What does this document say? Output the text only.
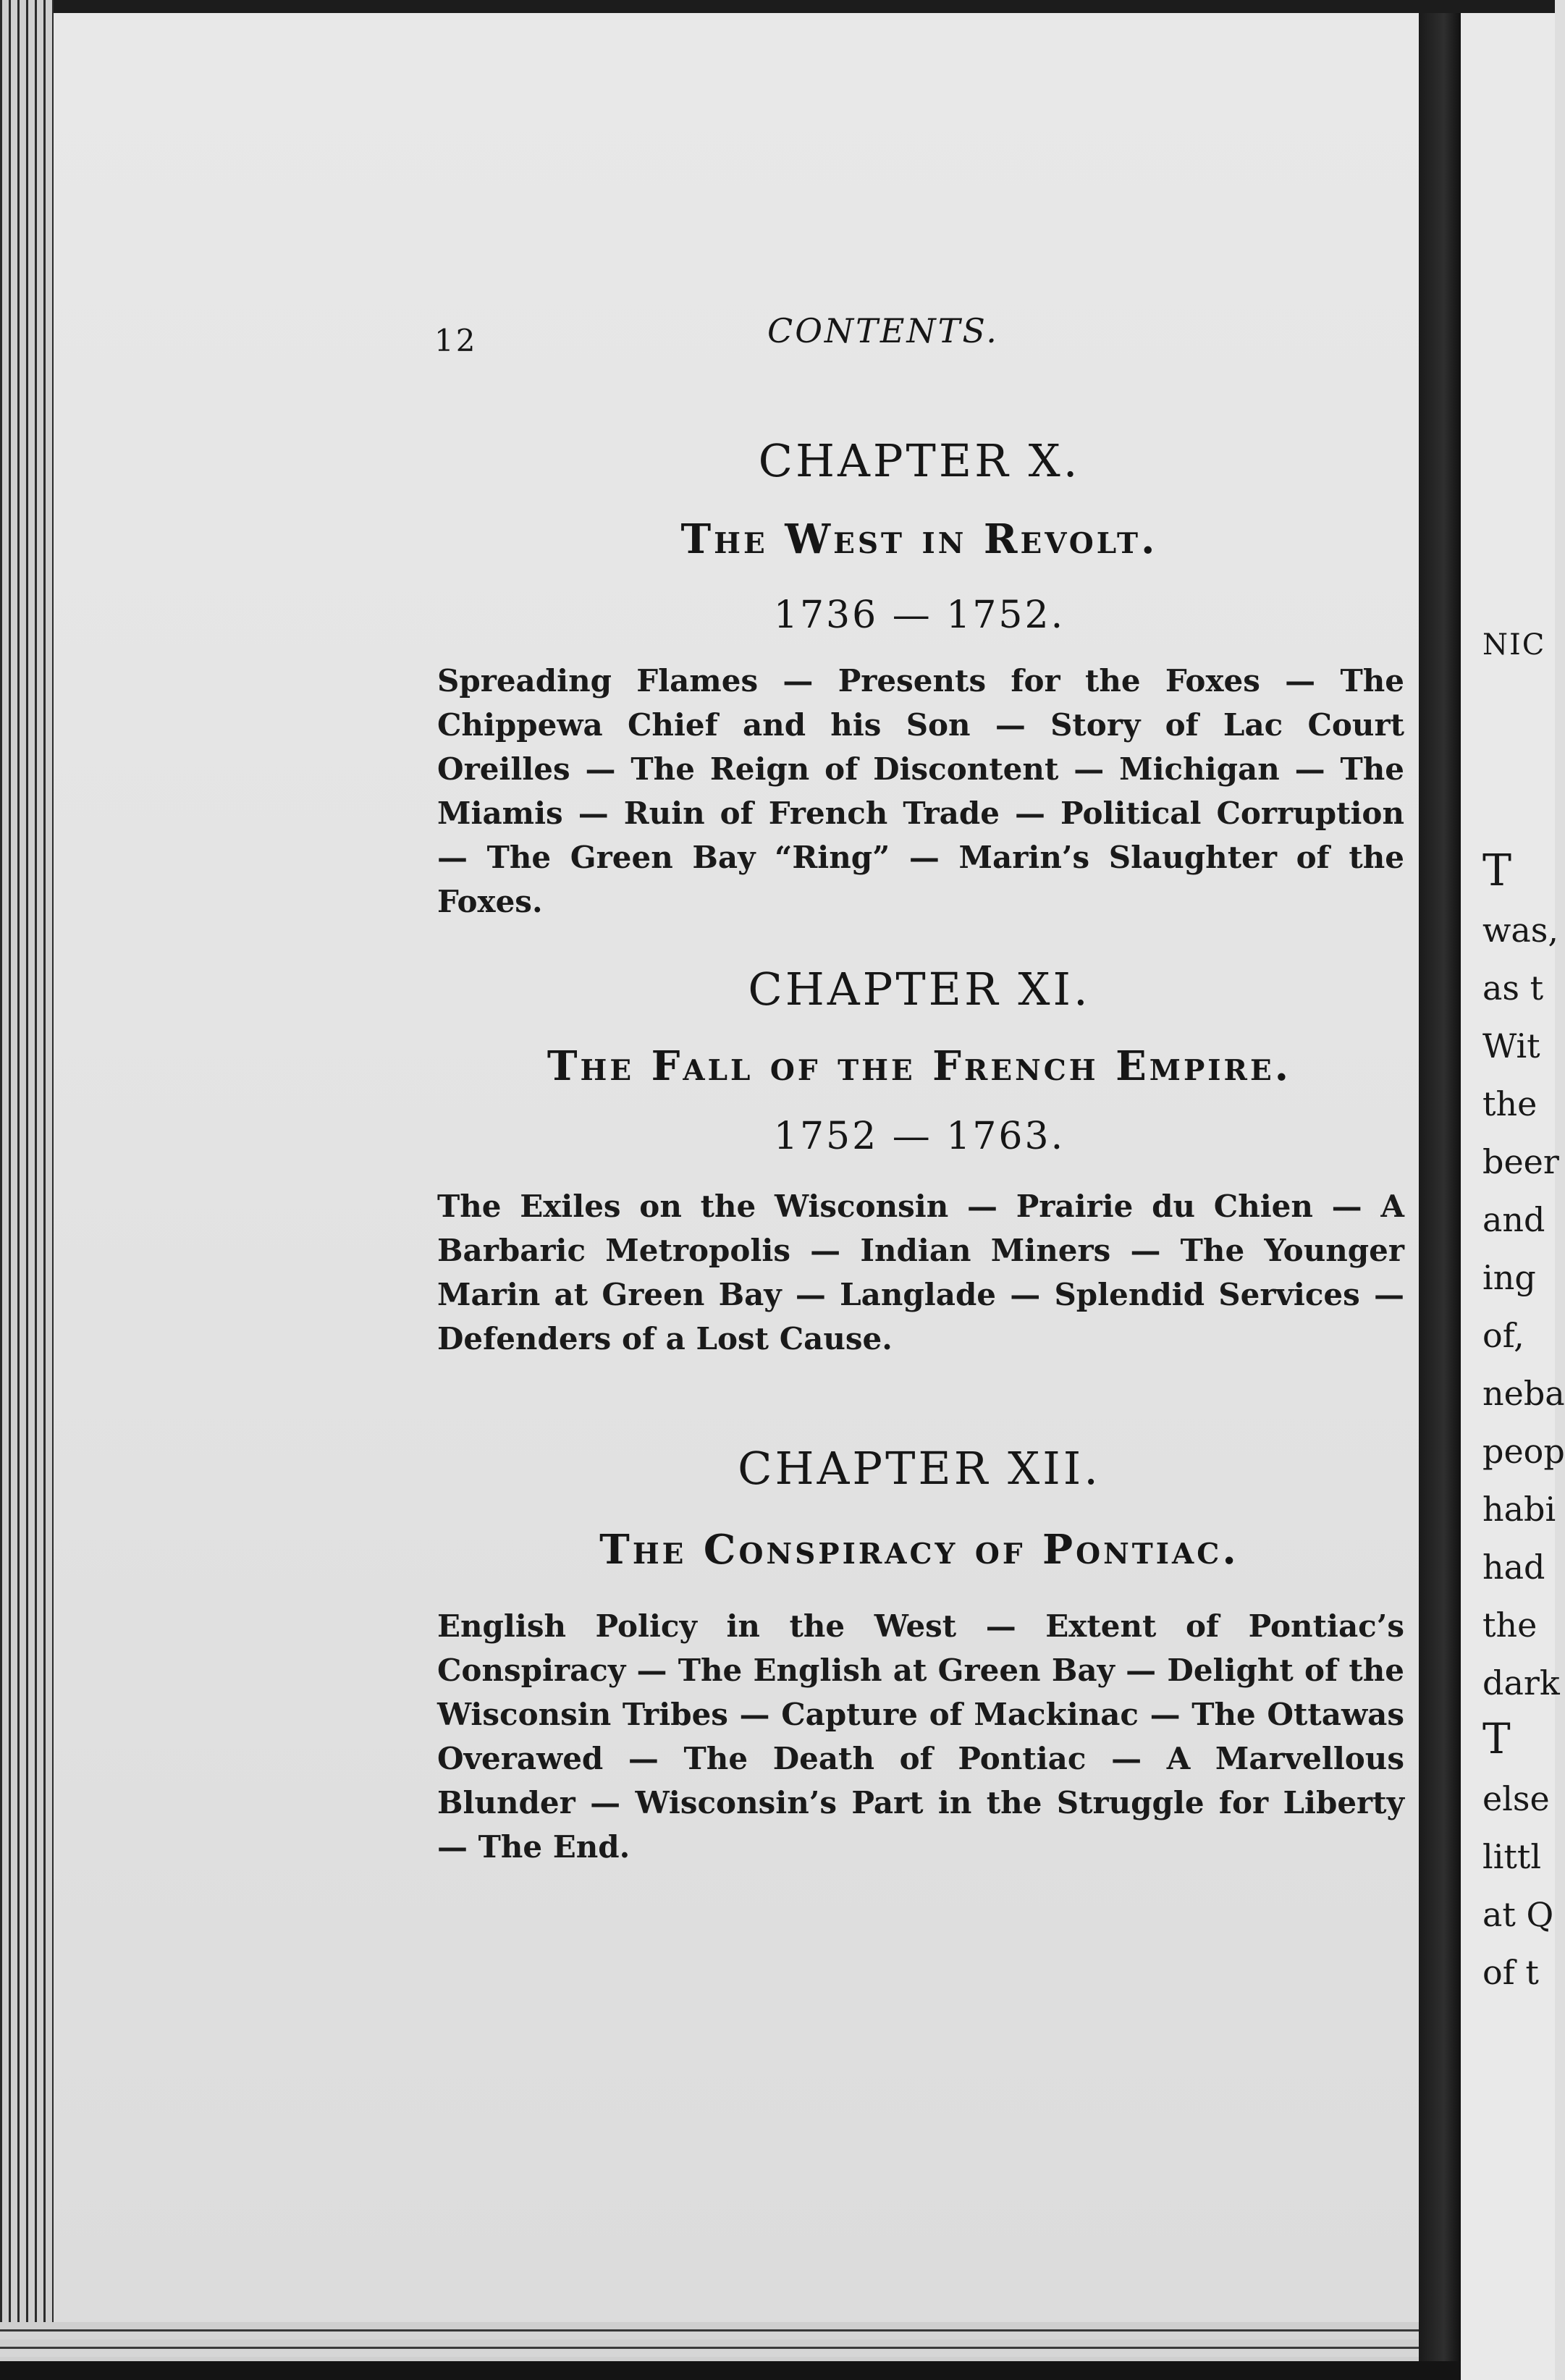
12	CONTENTS.
CHAPTER X.
The West in Revolt.
1736 — 1752.

Spreading Flames — Presents for the Foxes — The Chippewa Chief and his Son — Story of Lac Court Oreilles — The Reign of Discontent — Michigan — The Miamis — Ruin of French Trade — Political Corruption — The Green Bay “Ring” — Marin’s Slaughter of the Foxes.

CHAPTER XI.
The Fall of the French Empire.
1752 — 1763.

The Exiles on the Wisconsin — Prairie du Chien — A Barbaric Metropolis — Indian Miners — The Younger Marin at Green Bay — Langlade — Splendid Services — Defenders of a Lost Cause.

CHAPTER XII.
The Conspiracy of Pontiac.

English Policy in the West — Extent of Pontiac’s Conspiracy — The English at Green Bay — Delight of the Wisconsin Tribes — Capture of Mackinac — The Ottawas Overawed — The Death of Pontiac — A Marvellous Blunder — Wisconsin’s Part in the Struggle for Liberty — The End.

NIC
T
was,
as t
Wit
the
beer
and
ing
of,
neba
peop
habi
had
the
dark
T
else
littl
at Q
of t
